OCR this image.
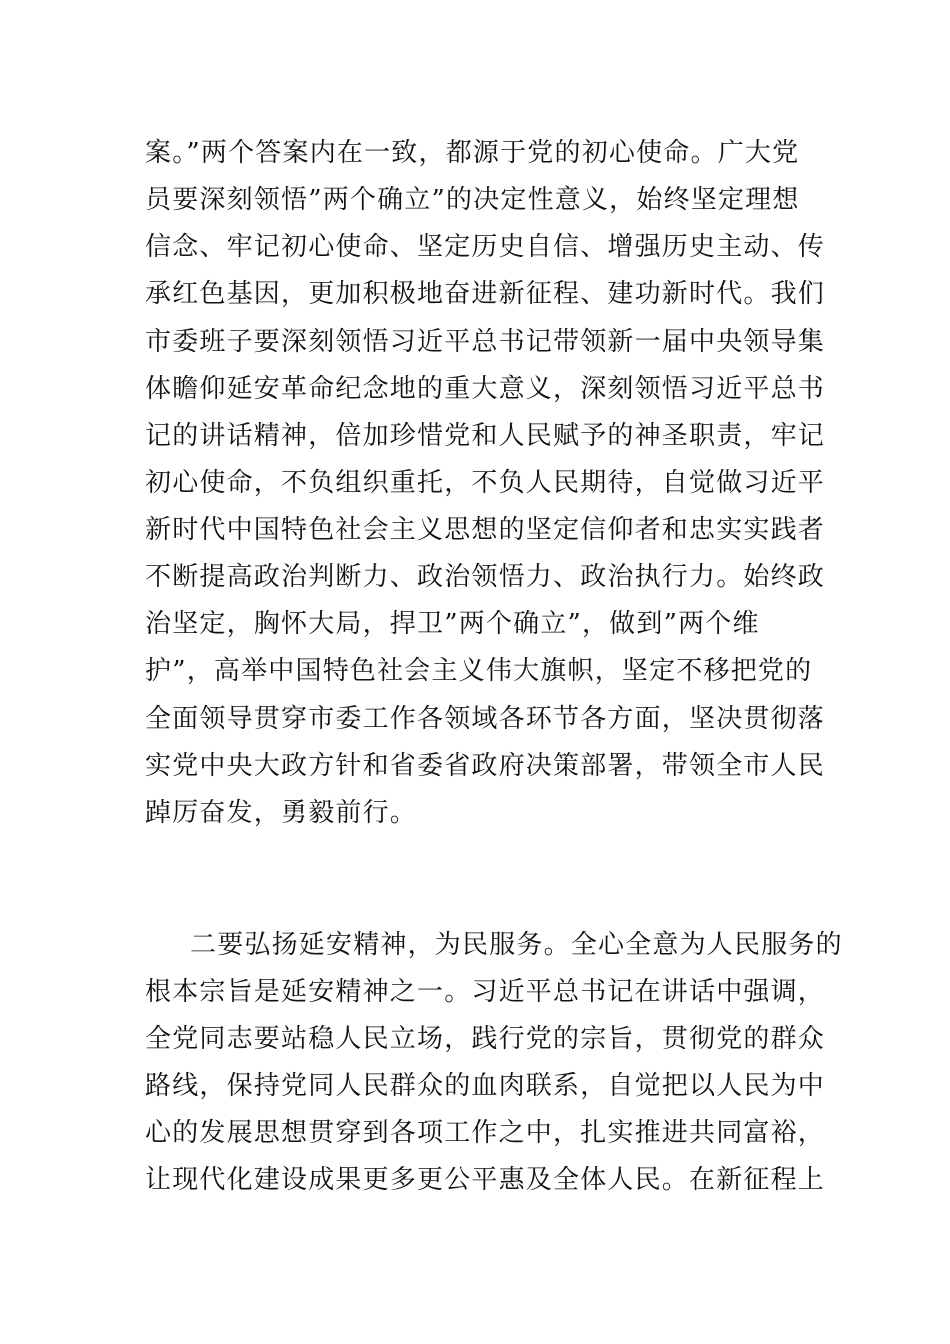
案。”两个答案内在一致，都源于党的初心使命。广大党
员要深刻领悟”两个确立”的决定性意义，始终坚定理想
信念、牢记初心使命、坚定历史自信、增强历史主动、传
承红色基因，更加积极地奋进新征程、建功新时代。我们
市委班子要深刻领悟习近平总书记带领新一届中央领导集
体瞻仰延安革命纪念地的重大意义，深刻领悟习近平总书
记的讲话精神，倍加珍惜党和人民赋予的神圣职责，牢记
初心使命，不负组织重托，不负人民期待，自觉做习近平
新时代中国特色社会主义思想的坚定信仰者和忠实实践者
不断提高政治判断力、政治领悟力、政治执行力。始终政
治坚定，胸怀大局，捍卫”两个确立”，做到”两个维
护”，高举中国特色社会主义伟大旗帜，坚定不移把党的
全面领导贯穿市委工作各领域各环节各方面，坚决贯彻落
实党中央大政方针和省委省政府决策部署，带领全市人民
踔厉奋发，勇毅前行。
二要弘扬延安精神，为民服务。全心全意为人民服务的
根本宗旨是延安精神之一。习近平总书记在讲话中强调，
全党同志要站稳人民立场，践行党的宗旨，贯彻党的群众
路线，保持党同人民群众的血肉联系，自觉把以人民为中
心的发展思想贯穿到各项工作之中，扎实推进共同富裕，
让现代化建设成果更多更公平惠及全体人民。在新征程上
